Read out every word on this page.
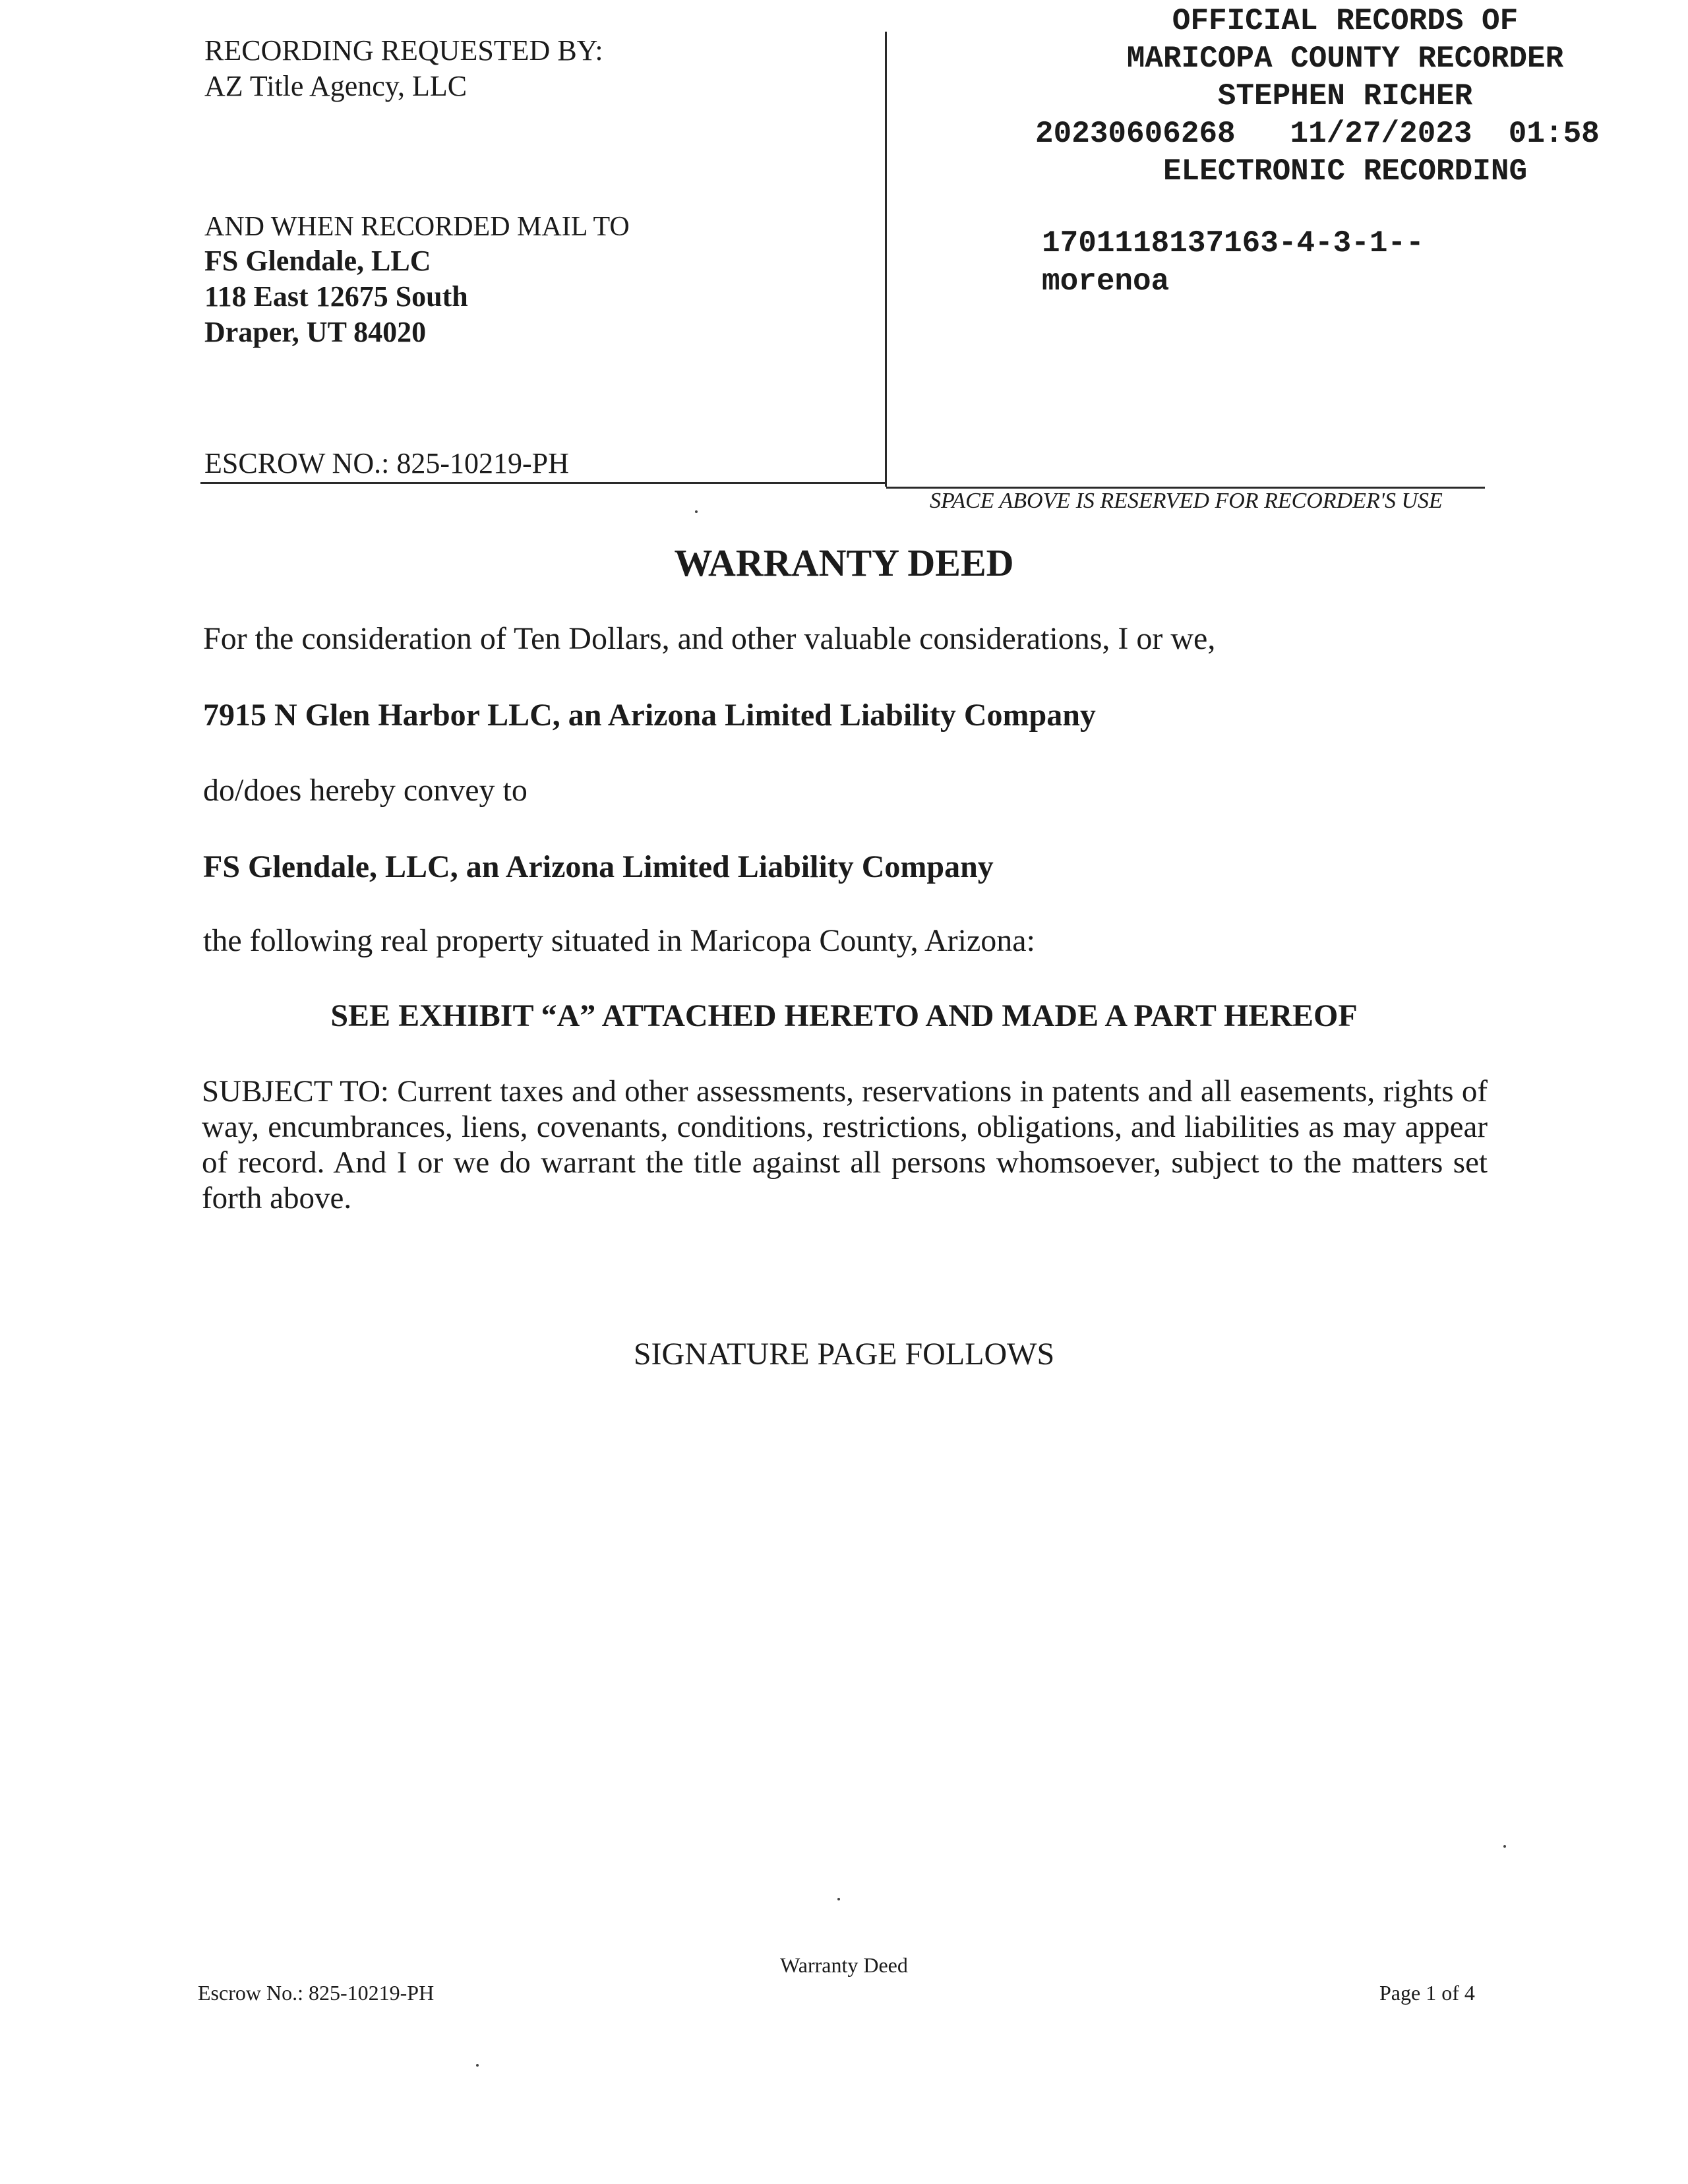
RECORDING REQUESTED BY:
AZ Title Agency, LLC
AND WHEN RECORDED MAIL TO
FS Glendale, LLC
118 East 12675 South
Draper, UT 84020
ESCROW NO.: 825-10219-PH
OFFICIAL RECORDS OF
MARICOPA COUNTY RECORDER
STEPHEN RICHER
20230606268 11/27/2023 01:58
ELECTRONIC RECORDING
1701118137163-4-3-1--
morenoa
SPACE ABOVE IS RESERVED FOR RECORDER'S USE
WARRANTY DEED
For the consideration of Ten Dollars, and other valuable considerations, I or we,
7915 N Glen Harbor LLC, an Arizona Limited Liability Company
do/does hereby convey to
FS Glendale, LLC, an Arizona Limited Liability Company
the following real property situated in Maricopa County, Arizona:
SEE EXHIBIT “A” ATTACHED HERETO AND MADE A PART HEREOF
SUBJECT TO: Current taxes and other assessments, reservations in patents and all easements, rights of way, encumbrances, liens, covenants, conditions, restrictions, obligations, and liabilities as may appear of record. And I or we do warrant the title against all persons whomsoever, subject to the matters set forth above.
SIGNATURE PAGE FOLLOWS
Warranty Deed
Escrow No.: 825-10219-PH	Page 1 of 4
